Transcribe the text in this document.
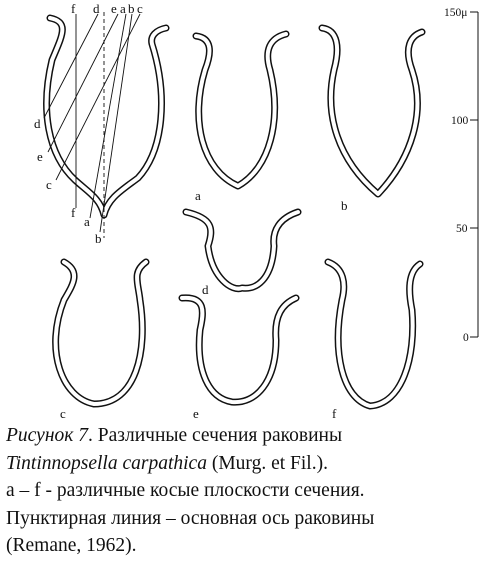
f d e a b c
d
e
c
f
a
b
a
b
c
d
e	f
150μ
100
50
0
Рисунок 7. Различные сечения раковины
Tintinnopsella carpathica (Murg. et Fil.).
a – f - различные косые плоскости сечения.
Пунктирная линия – основная ось раковины
(Remane, 1962).
